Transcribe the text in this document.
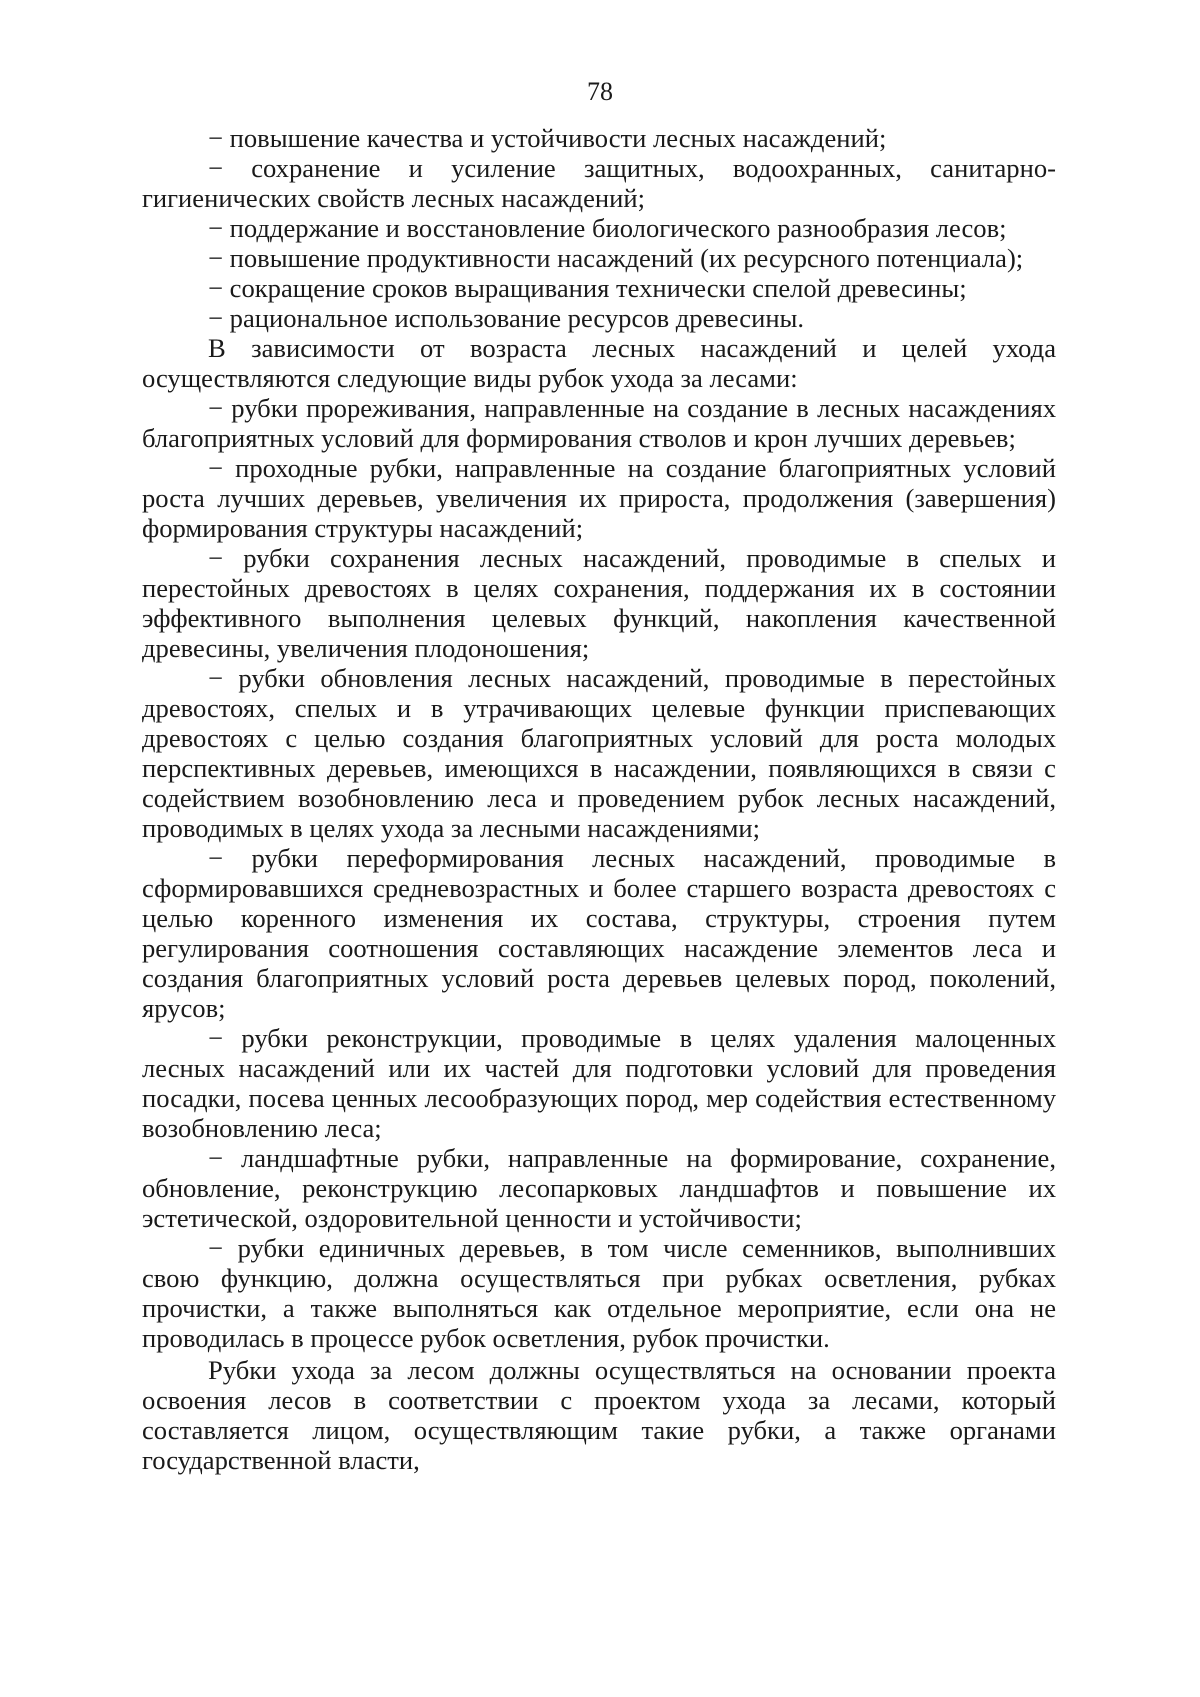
78

− повышение качества и устойчивости лесных насаждений;

− сохранение и усиление защитных, водоохранных, санитарно-гигиенических свойств лесных насаждений;

− поддержание и восстановление биологического разнообразия лесов;

− повышение продуктивности насаждений (их ресурсного потенциала);

− сокращение сроков выращивания технически спелой древесины;

− рациональное использование ресурсов древесины.

В зависимости от возраста лесных насаждений и целей ухода осуществляются следующие виды рубок ухода за лесами:

− рубки прореживания, направленные на создание в лесных насаждениях благоприятных условий для формирования стволов и крон лучших деревьев;

− проходные рубки, направленные на создание благоприятных условий роста лучших деревьев, увеличения их прироста, продолжения (завершения) формирования структуры насаждений;

− рубки сохранения лесных насаждений, проводимые в спелых и перестойных древостоях в целях сохранения, поддержания их в состоянии эффективного выполнения целевых функций, накопления качественной древесины, увеличения плодоношения;

− рубки обновления лесных насаждений, проводимые в перестойных древостоях, спелых и в утрачивающих целевые функции приспевающих древостоях с целью создания благоприятных условий для роста молодых перспективных деревьев, имеющихся в насаждении, появляющихся в связи с содействием возобновлению леса и проведением рубок лесных насаждений, проводимых в целях ухода за лесными насаждениями;

− рубки переформирования лесных насаждений, проводимые в сформировавшихся средневозрастных и более старшего возраста древостоях с целью коренного изменения их состава, структуры, строения путем регулирования соотношения составляющих насаждение элементов леса и создания благоприятных условий роста деревьев целевых пород, поколений, ярусов;

− рубки реконструкции, проводимые в целях удаления малоценных лесных насаждений или их частей для подготовки условий для проведения посадки, посева ценных лесообразующих пород, мер содействия естественному возобновлению леса;

− ландшафтные рубки, направленные на формирование, сохранение, обновление, реконструкцию лесопарковых ландшафтов и повышение их эстетической, оздоровительной ценности и устойчивости;

− рубки единичных деревьев, в том числе семенников, выполнивших свою функцию, должна осуществляться при рубках осветления, рубках прочистки, а также выполняться как отдельное мероприятие, если она не проводилась в процессе рубок осветления, рубок прочистки.

Рубки ухода за лесом должны осуществляться на основании проекта освоения лесов в соответствии с проектом ухода за лесами, который составляется лицом, осуществляющим такие рубки, а также органами государственной власти,
